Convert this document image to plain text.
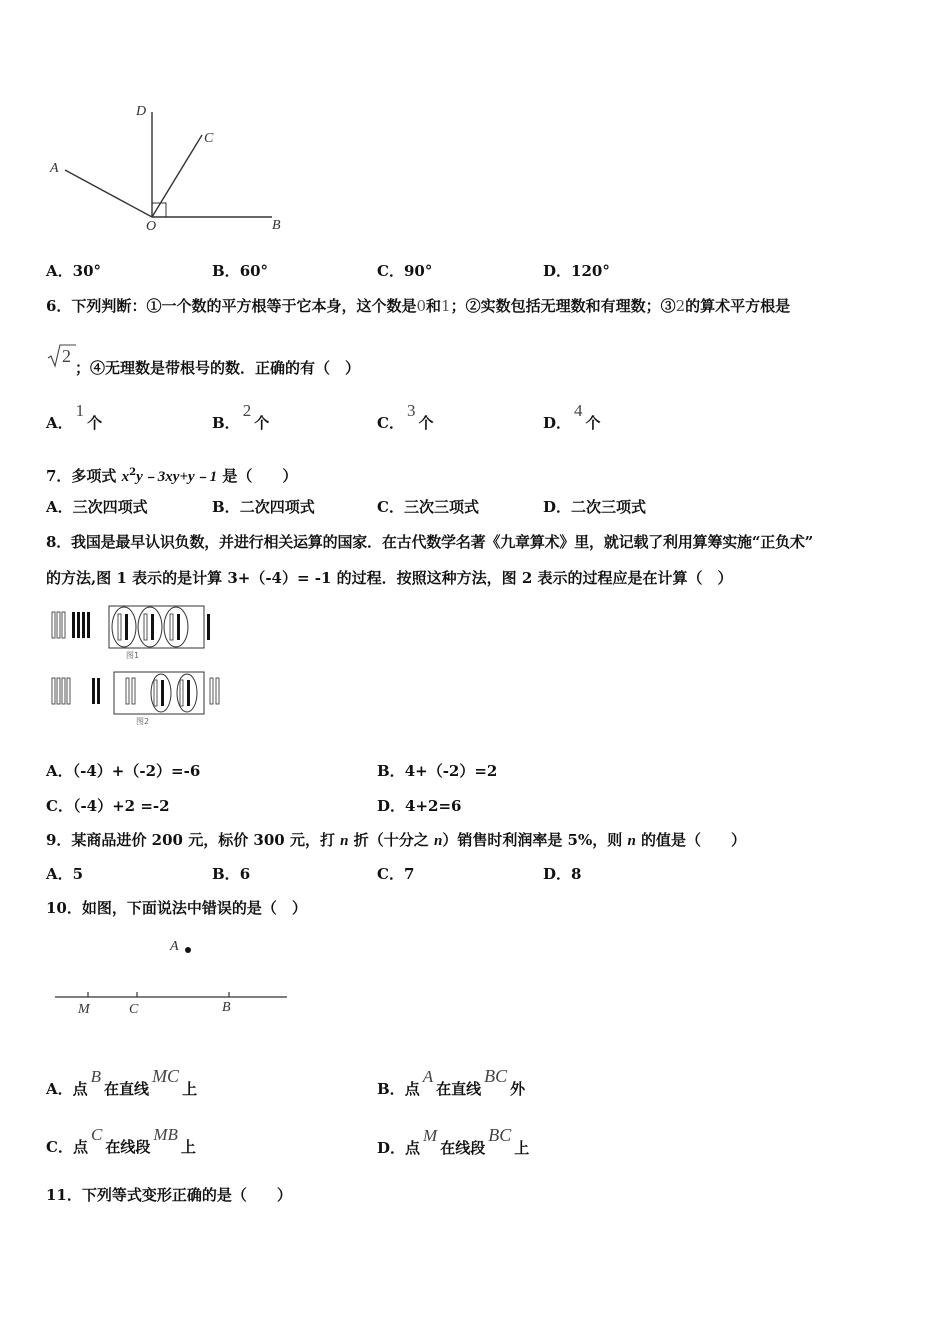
D
C
A
O	B
A．30°	B．60°	C．90°	D．120°
6．下列判断：①一个数的平方根等于它本身，这个数是0和1；②实数包括无理数和有理数；③2的算术平方根是
2
；④无理数是带根号的数．正确的有（　）
A．1个	B．2个	C．3个	D．4个
7．多项式 $x^2y﹣3xy+y﹣1$ 是（　　）
A．三次四项式	B．二次四项式	C．三次三项式	D．二次三项式
8．我国是最早认识负数，并进行相关运算的国家．在古代数学名著《九章算术》里，就记载了利用算筹实施“正负术”
的方法,图 1 表示的是计算 3+（-4）= -1 的过程．按照这种方法，图 2 表示的过程应是在计算（　）
图1
图2
A．（-4）+（-2）=-6	B．4+（-2）=2
C．（-4）+2 =-2	D．4+2=6
9．某商品进价 200 元，标价 300 元，打 n 折（十分之 n）销售时利润率是 5%，则 n 的值是（　　）
A．5	B．6	C．7	D．8
10．如图，下面说法中错误的是（　）
A
M	C	B
A．点B在直线MC上	B．点A在直线BC外
C．点C在线段MB上	D．点M在线段BC上
11．下列等式变形正确的是（　　）
